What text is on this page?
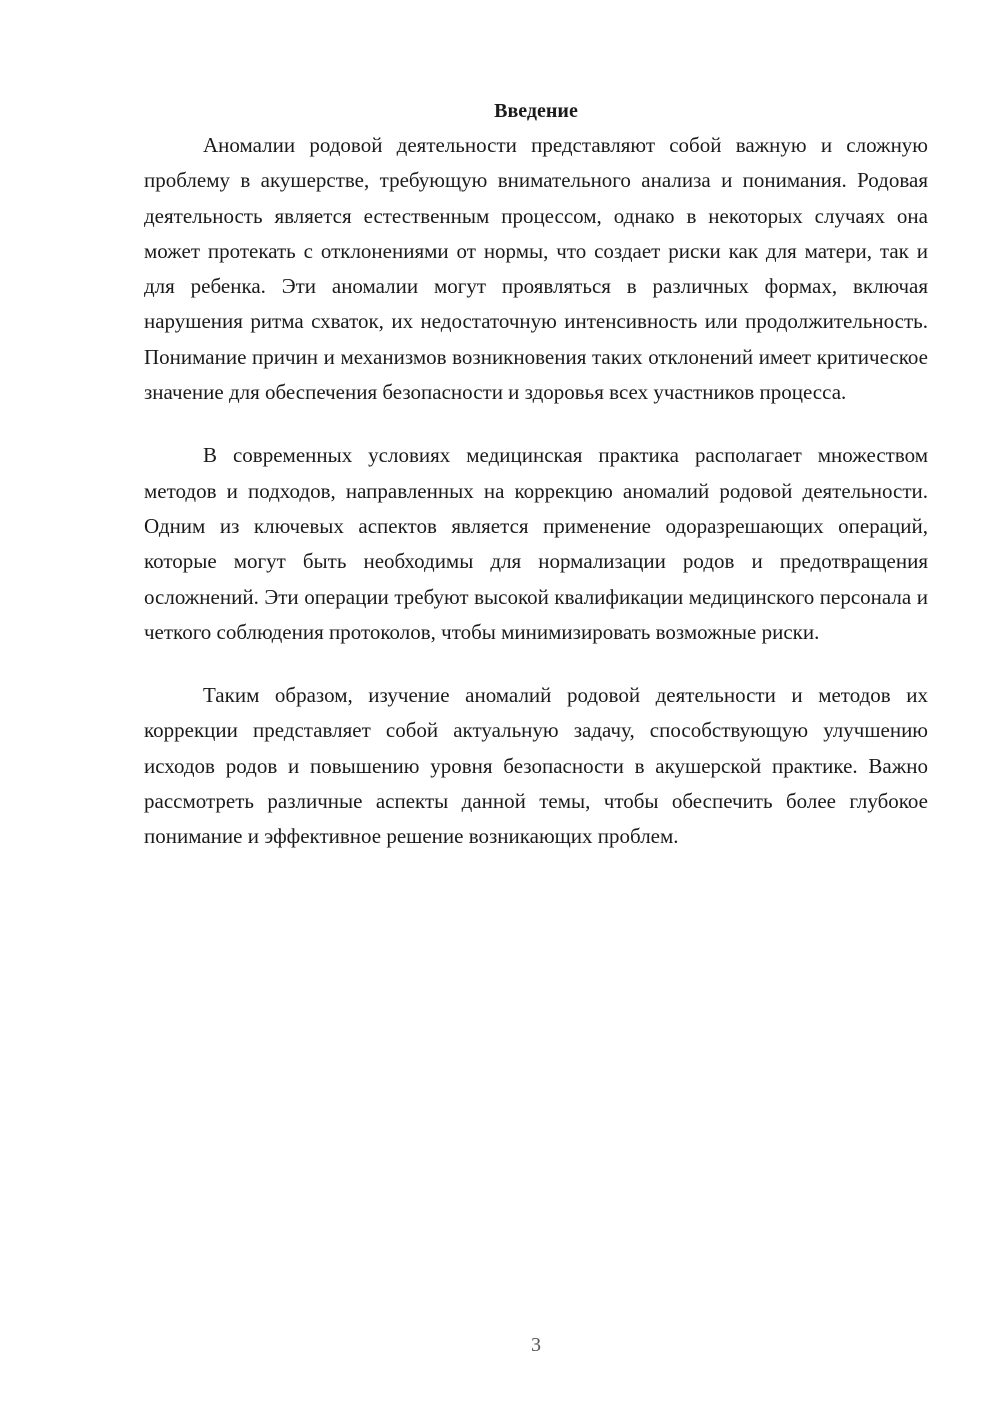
Введение

Аномалии родовой деятельности представляют собой важную и сложную проблему в акушерстве, требующую внимательного анализа и понимания. Родовая деятельность является естественным процессом, однако в некоторых случаях она может протекать с отклонениями от нормы, что создает риски как для матери, так и для ребенка. Эти аномалии могут проявляться в различных формах, включая нарушения ритма схваток, их недостаточную интенсивность или продолжительность. Понимание причин и механизмов возникновения таких отклонений имеет критическое значение для обеспечения безопасности и здоровья всех участников процесса.

В современных условиях медицинская практика располагает множеством методов и подходов, направленных на коррекцию аномалий родовой деятельности. Одним из ключевых аспектов является применение одоразрешающих операций, которые могут быть необходимы для нормализации родов и предотвращения осложнений. Эти операции требуют высокой квалификации медицинского персонала и четкого соблюдения протоколов, чтобы минимизировать возможные риски.

Таким образом, изучение аномалий родовой деятельности и методов их коррекции представляет собой актуальную задачу, способствующую улучшению исходов родов и повышению уровня безопасности в акушерской практике. Важно рассмотреть различные аспекты данной темы, чтобы обеспечить более глубокое понимание и эффективное решение возникающих проблем.

3
